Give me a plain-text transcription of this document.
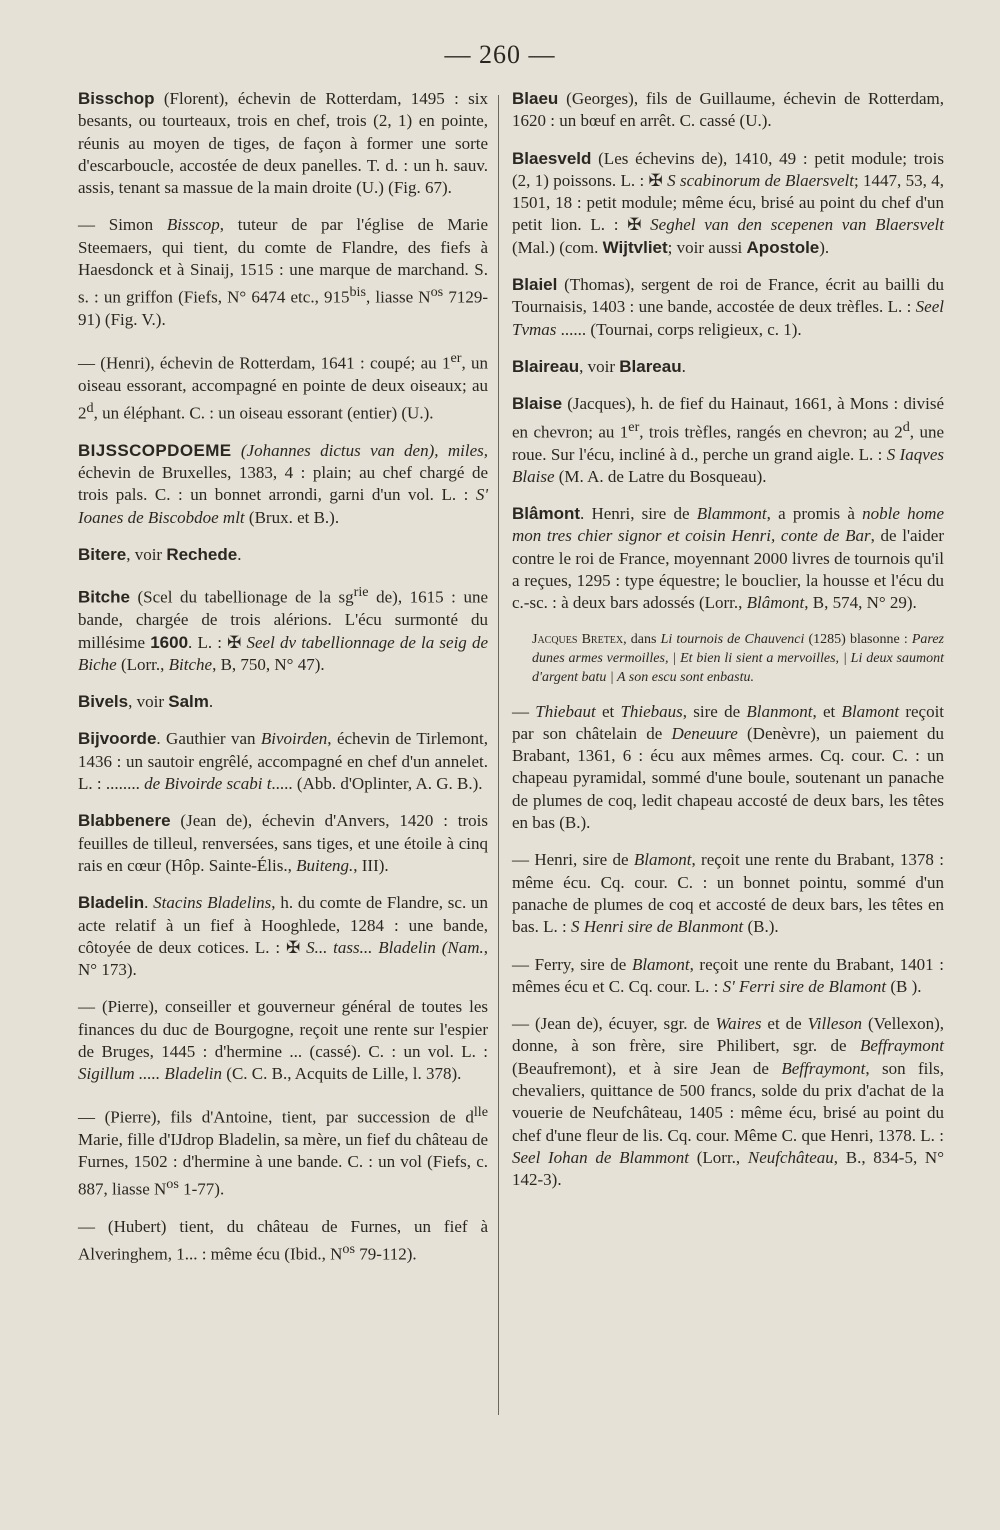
— 260 —

Bisschop (Florent), échevin de Rotterdam, 1495 : six besants, ou tourteaux, trois en chef, trois (2, 1) en pointe, réunis au moyen de tiges, de façon à former une sorte d'escarboucle, accostée de deux panelles. T. d. : un h. sauv. assis, tenant sa massue de la main droite (U.) (Fig. 67).

— Simon Bisscop, tuteur de par l'église de Marie Steemaers, qui tient, du comte de Flandre, des fiefs à Haesdonck et à Sinaij, 1515 : une marque de marchand. S. s. : un griffon (Fiefs, N° 6474 etc., $915^{bis}$, liasse $N^{os}$ 7129-91) (Fig. V.).

— (Henri), échevin de Rotterdam, 1641 : coupé; au 1er, un oiseau essorant, accompagné en pointe de deux oiseaux; au 2$^d$, un éléphant. C. : un oiseau essorant (entier) (U.).

BIJSSCOPDOEME (Johannes dictus van den), miles, échevin de Bruxelles, 1383, 4 : plain; au chef chargé de trois pals. C. : un bonnet arrondi, garni d'un vol. L. : S' Ioanes de Biscobdoe mlt (Brux. et B.).

Bitere, voir Rechede.

Bitche (Scel du tabellionage de la $sg^{rie}$ de), 1615 : une bande, chargée de trois alérions. L'écu surmonté du millésime 1600. L. : ✠ Seel dv tabellionnage de la seig de Biche (Lorr., Bitche, B, 750, N° 47).

Bivels, voir Salm.

Bijvoorde. Gauthier van Bivoirden, échevin de Tirlemont, 1436 : un sautoir engrêlé, accompagné en chef d'un annelet. L. : ........ de Bivoirde scabi t..... (Abb. d'Oplinter, A. G. B.).

Blabbenere (Jean de), échevin d'Anvers, 1420 : trois feuilles de tilleul, renversées, sans tiges, et une étoile à cinq rais en cœur (Hôp. Sainte-Élis., Buiteng., III).

Bladelin. Stacins Bladelins, h. du comte de Flandre, sc. un acte relatif à un fief à Hooghlede, 1284 : une bande, côtoyée de deux cotices. L. : ✠ S... tass... Bladelin (Nam., N° 173).

— (Pierre), conseiller et gouverneur général de toutes les finances du duc de Bourgogne, reçoit une rente sur l'espier de Bruges, 1445 : d'hermine ... (cassé). C. : un vol. L. : Sigillum ..... Bladelin (C. C. B., Acquits de Lille, l. 378).

— (Pierre), fils d'Antoine, tient, par succession de $d^{lle}$ Marie, fille d'IJdrop Bladelin, sa mère, un fief du château de Furnes, 1502 : d'hermine à une bande. C. : un vol (Fiefs, c. 887, liasse $N^{os}$ 1-77).

— (Hubert) tient, du château de Furnes, un fief à Alveringhem, 1... : même écu (Ibid., $N^{os}$ 79-112).

Blaeu (Georges), fils de Guillaume, échevin de Rotterdam, 1620 : un bœuf en arrêt. C. cassé (U.).

Blaesveld (Les échevins de), 1410, 49 : petit module; trois (2, 1) poissons. L. : ✠ S scabinorum de Blaersvelt; 1447, 53, 4, 1501, 18 : petit module; même écu, brisé au point du chef d'un petit lion. L. : ✠ Seghel van den scepenen van Blaersvelt (Mal.) (com. Wijtvliet; voir aussi Apostole).

Blaiel (Thomas), sergent de roi de France, écrit au bailli du Tournaisis, 1403 : une bande, accostée de deux trèfles. L. : Seel Tvmas ...... (Tournai, corps religieux, c. 1).

Blaireau, voir Blareau.

Blaise (Jacques), h. de fief du Hainaut, 1661, à Mons : divisé en chevron; au 1er, trois trèfles, rangés en chevron; au 2$^d$, une roue. Sur l'écu, incliné à d., perche un grand aigle. L. : S Iaqves Blaise (M. A. de Latre du Bosqueau).

Blâmont. Henri, sire de Blammont, a promis à noble home mon tres chier signor et coisin Henri, conte de Bar, de l'aider contre le roi de France, moyennant 2000 livres de tournois qu'il a reçues, 1295 : type équestre; le bouclier, la housse et l'écu du c.-sc. : à deux bars adossés (Lorr., Blâmont, B, 574, N° 29).

Jacques Bretex, dans Li tournois de Chauvenci (1285) blasonne : Parez dunes armes vermoilles, | Et bien li sient a mervoilles, | Li deux saumont d'argent batu | A son escu sont enbastu.

— Thiebaut et Thiebaus, sire de Blanmont, et Blamont reçoit par son châtelain de Deneuure (Denèvre), un paiement du Brabant, 1361, 6 : écu aux mêmes armes. Cq. cour. C. : un chapeau pyramidal, sommé d'une boule, soutenant un panache de plumes de coq, ledit chapeau accosté de deux bars, les têtes en bas (B.).

— Henri, sire de Blamont, reçoit une rente du Brabant, 1378 : même écu. Cq. cour. C. : un bonnet pointu, sommé d'un panache de plumes de coq et accosté de deux bars, les têtes en bas. L. : S Henri sire de Blanmont (B.).

— Ferry, sire de Blamont, reçoit une rente du Brabant, 1401 : mêmes écu et C. Cq. cour. L. : S' Ferri sire de Blamont (B ).

— (Jean de), écuyer, sgr. de Waires et de Villeson (Vellexon), donne, à son frère, sire Philibert, sgr. de Beffraymont (Beaufremont), et à sire Jean de Beffraymont, son fils, chevaliers, quittance de 500 francs, solde du prix d'achat de la vouerie de Neufchâteau, 1405 : même écu, brisé au point du chef d'une fleur de lis. Cq. cour. Même C. que Henri, 1378. L. : Seel Iohan de Blammont (Lorr., Neufchâteau, B., 834-5, N° 142-3).
